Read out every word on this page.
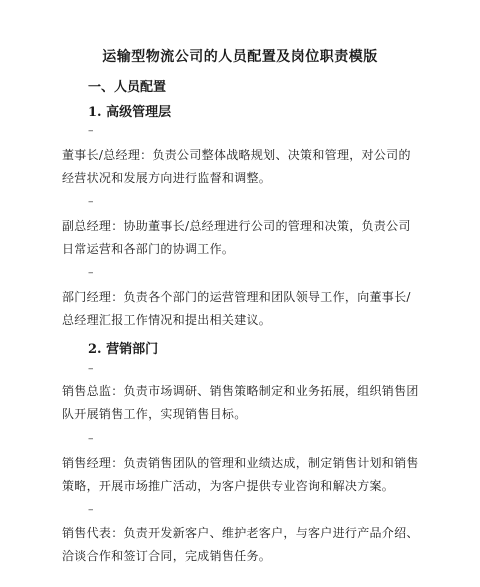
运输型物流公司的人员配置及岗位职责模版
一、人员配置
1. 高级管理层
–
董事长/总经理：负责公司整体战略规划、决策和管理，对公司的经营状况和发展方向进行监督和调整。
–
副总经理：协助董事长/总经理进行公司的管理和决策，负责公司日常运营和各部门的协调工作。
–
部门经理：负责各个部门的运营管理和团队领导工作，向董事长/总经理汇报工作情况和提出相关建议。
2. 营销部门
–
销售总监：负责市场调研、销售策略制定和业务拓展，组织销售团队开展销售工作，实现销售目标。
–
销售经理：负责销售团队的管理和业绩达成，制定销售计划和销售策略，开展市场推广活动，为客户提供专业咨询和解决方案。
–
销售代表：负责开发新客户、维护老客户，与客户进行产品介绍、洽谈合作和签订合同，完成销售任务。
